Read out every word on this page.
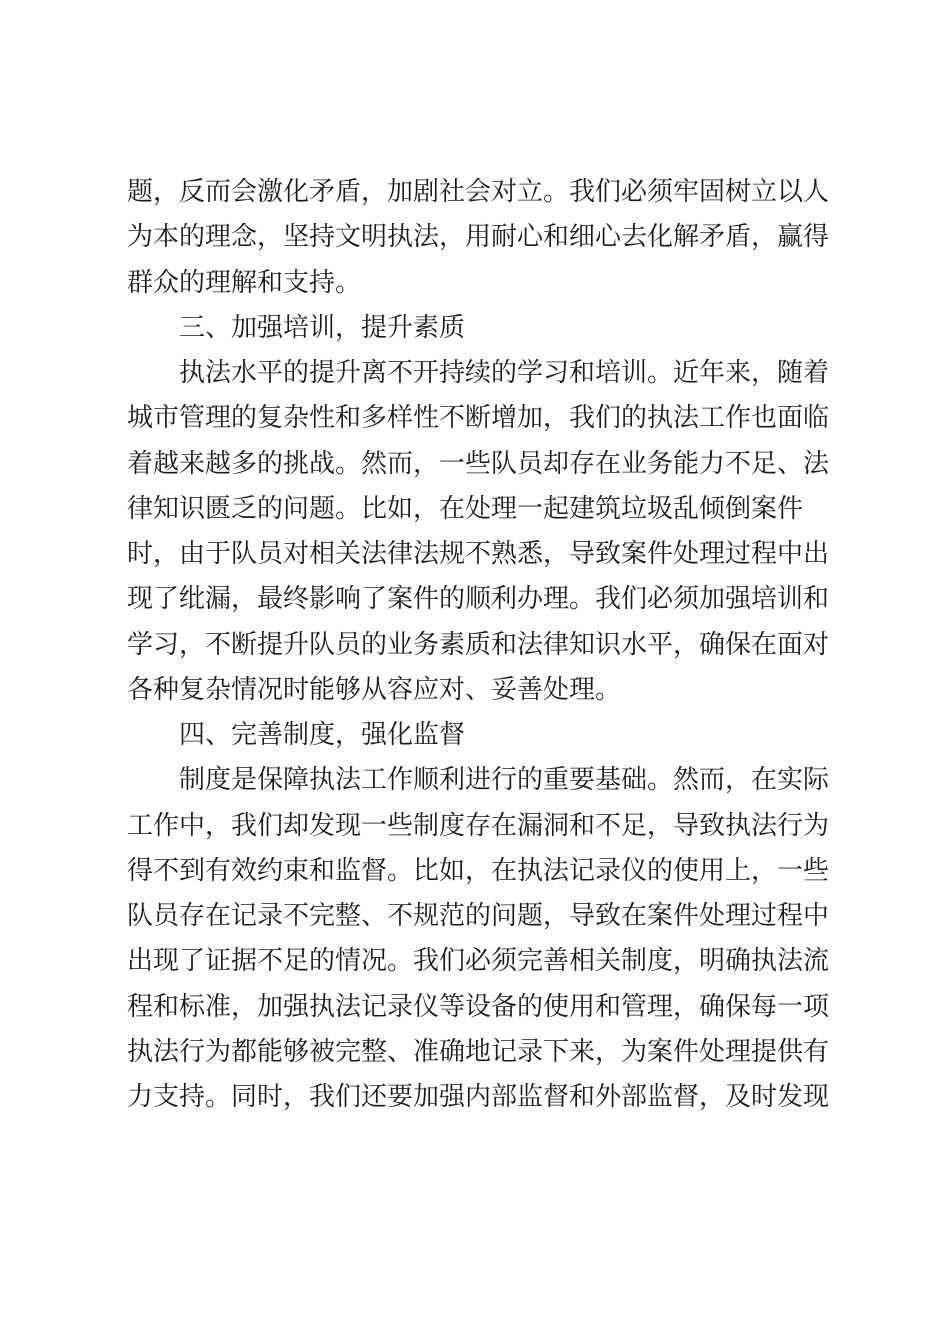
题，反而会激化矛盾，加剧社会对立。我们必须牢固树立以人
为本的理念，坚持文明执法，用耐心和细心去化解矛盾，赢得
群众的理解和支持。
三、加强培训，提升素质
执法水平的提升离不开持续的学习和培训。近年来，随着
城市管理的复杂性和多样性不断增加，我们的执法工作也面临
着越来越多的挑战。然而，一些队员却存在业务能力不足、法
律知识匮乏的问题。比如，在处理一起建筑垃圾乱倾倒案件
时，由于队员对相关法律法规不熟悉，导致案件处理过程中出
现了纰漏，最终影响了案件的顺利办理。我们必须加强培训和
学习，不断提升队员的业务素质和法律知识水平，确保在面对
各种复杂情况时能够从容应对、妥善处理。
四、完善制度，强化监督
制度是保障执法工作顺利进行的重要基础。然而，在实际
工作中，我们却发现一些制度存在漏洞和不足，导致执法行为
得不到有效约束和监督。比如，在执法记录仪的使用上，一些
队员存在记录不完整、不规范的问题，导致在案件处理过程中
出现了证据不足的情况。我们必须完善相关制度，明确执法流
程和标准，加强执法记录仪等设备的使用和管理，确保每一项
执法行为都能够被完整、准确地记录下来，为案件处理提供有
力支持。同时，我们还要加强内部监督和外部监督，及时发现
